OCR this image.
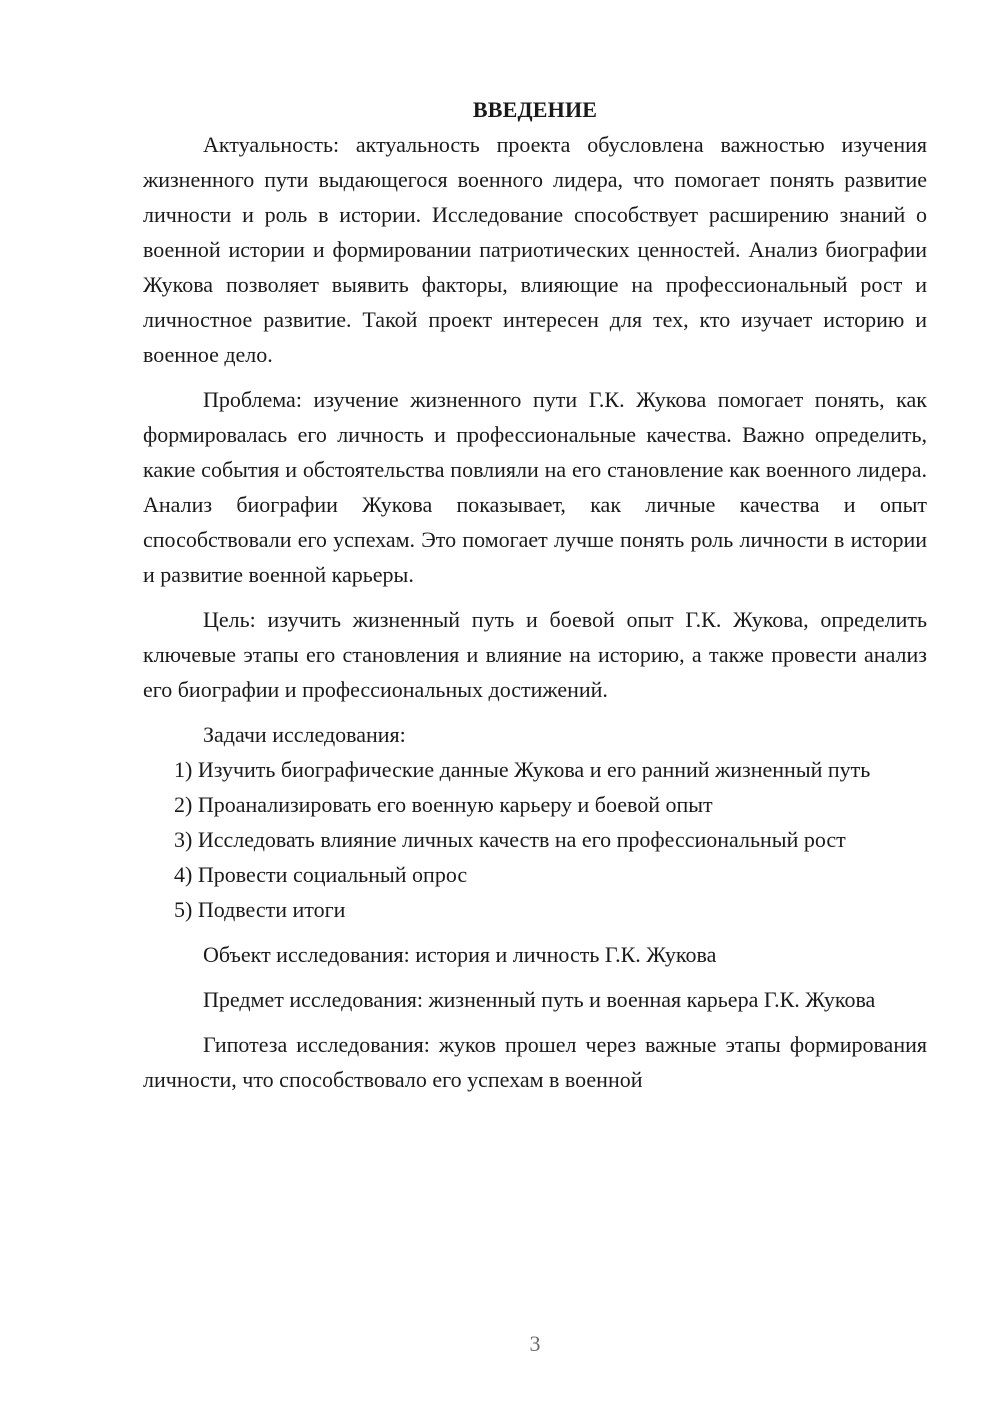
ВВЕДЕНИЕ

Актуальность: актуальность проекта обусловлена важностью изучения жизненного пути выдающегося военного лидера, что помогает понять развитие личности и роль в истории. Исследование способствует расширению знаний о военной истории и формировании патриотических ценностей. Анализ биографии Жукова позволяет выявить факторы, влияющие на профессиональный рост и личностное развитие. Такой проект интересен для тех, кто изучает историю и военное дело.

Проблема: изучение жизненного пути Г.К. Жукова помогает понять, как формировалась его личность и профессиональные качества. Важно определить, какие события и обстоятельства повлияли на его становление как военного лидера. Анализ биографии Жукова показывает, как личные качества и опыт способствовали его успехам. Это помогает лучше понять роль личности в истории и развитие военной карьеры.

Цель: изучить жизненный путь и боевой опыт Г.К. Жукова, определить ключевые этапы его становления и влияние на историю, а также провести анализ его биографии и профессиональных достижений.

Задачи исследования:

1) Изучить биографические данные Жукова и его ранний жизненный путь

2) Проанализировать его военную карьеру и боевой опыт

3) Исследовать влияние личных качеств на его профессиональный рост

4) Провести социальный опрос

5) Подвести итоги

Объект исследования: история и личность Г.К. Жукова

Предмет исследования: жизненный путь и военная карьера Г.К. Жукова

Гипотеза исследования: жуков прошел через важные этапы формирования личности, что способствовало его успехам в военной

3
